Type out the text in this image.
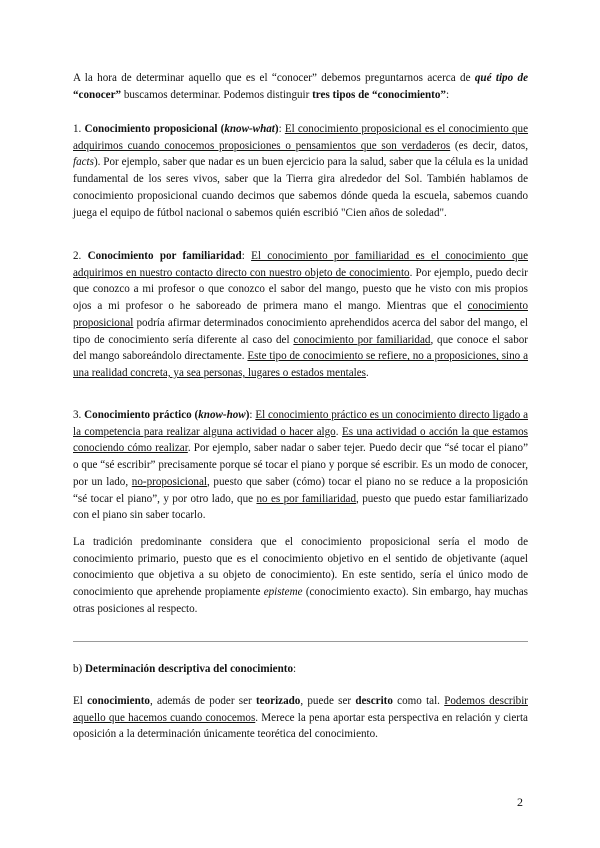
A la hora de determinar aquello que es el “conocer” debemos preguntarnos acerca de qué tipo de “conocer” buscamos determinar. Podemos distinguir tres tipos de “conocimiento”:

1. Conocimiento proposicional (know-what): El conocimiento proposicional es el conocimiento que adquirimos cuando conocemos proposiciones o pensamientos que son verdaderos (es decir, datos, facts). Por ejemplo, saber que nadar es un buen ejercicio para la salud, saber que la célula es la unidad fundamental de los seres vivos, saber que la Tierra gira alrededor del Sol. También hablamos de conocimiento proposicional cuando decimos que sabemos dónde queda la escuela, sabemos cuando juega el equipo de fútbol nacional o sabemos quién escribió "Cien años de soledad".

2. Conocimiento por familiaridad: El conocimiento por familiaridad es el conocimiento que adquirimos en nuestro contacto directo con nuestro objeto de conocimiento. Por ejemplo, puedo decir que conozco a mi profesor o que conozco el sabor del mango, puesto que he visto con mis propios ojos a mi profesor o he saboreado de primera mano el mango. Mientras que el conocimiento proposicional podría afirmar determinados conocimiento aprehendidos acerca del sabor del mango, el tipo de conocimiento sería diferente al caso del conocimiento por familiaridad, que conoce el sabor del mango saboreándolo directamente. Este tipo de conocimiento se refiere, no a proposiciones, sino a una realidad concreta, ya sea personas, lugares o estados mentales.

3. Conocimiento práctico (know-how): El conocimiento práctico es un conocimiento directo ligado a la competencia para realizar alguna actividad o hacer algo. Es una actividad o acción la que estamos conociendo cómo realizar. Por ejemplo, saber nadar o saber tejer. Puedo decir que “sé tocar el piano” o que “sé escribir” precisamente porque sé tocar el piano y porque sé escribir. Es un modo de conocer, por un lado, no-proposicional, puesto que saber (cómo) tocar el piano no se reduce a la proposición “sé tocar el piano”, y por otro lado, que no es por familiaridad, puesto que puedo estar familiarizado con el piano sin saber tocarlo.

La tradición predominante considera que el conocimiento proposicional sería el modo de conocimiento primario, puesto que es el conocimiento objetivo en el sentido de objetivante (aquel conocimiento que objetiva a su objeto de conocimiento). En este sentido, sería el único modo de conocimiento que aprehende propiamente episteme (conocimiento exacto). Sin embargo, hay muchas otras posiciones al respecto.

b) Determinación descriptiva del conocimiento:

El conocimiento, además de poder ser teorizado, puede ser descrito como tal. Podemos describir aquello que hacemos cuando conocemos. Merece la pena aportar esta perspectiva en relación y cierta oposición a la determinación únicamente teorética del conocimiento.

2
